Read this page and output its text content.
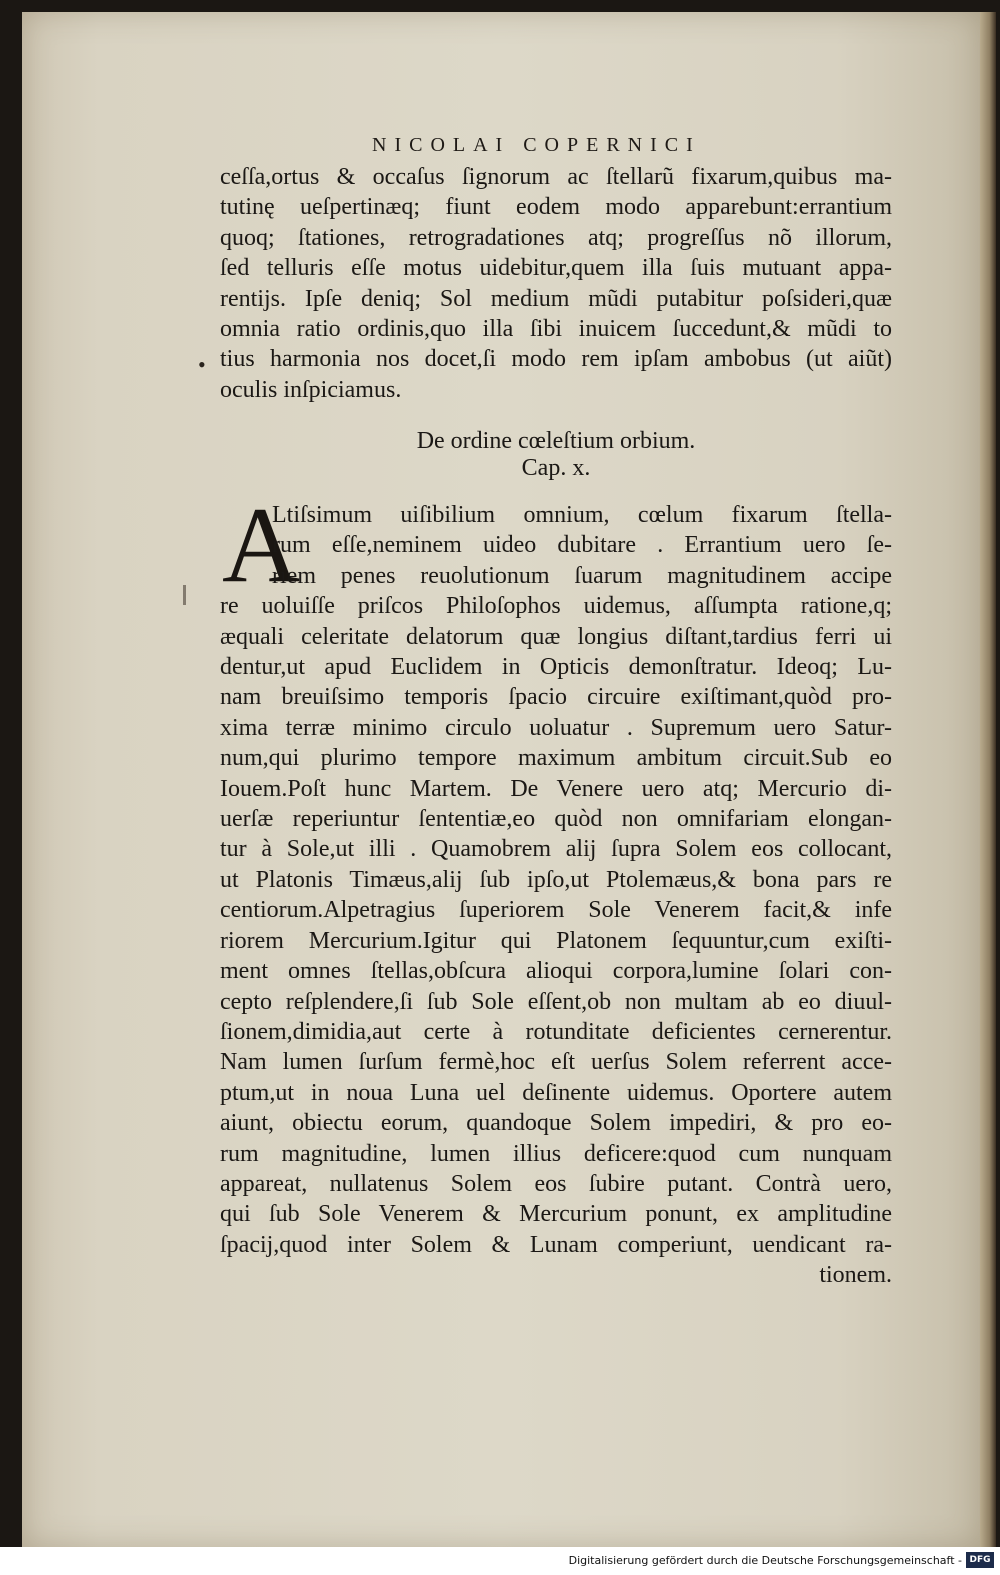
NICOLAI COPERNICI
•
ceſſa,ortus & occaſus ſignorum ac ſtellarũ fixarum,quibus ma-
tutinę ueſpertinæq; fiunt eodem modo apparebunt:errantium
quoq; ſtationes, retrogradationes atq; progreſſus nõ illorum,
ſed telluris eſſe motus uidebitur,quem illa ſuis mutuant appa-
rentijs. Ipſe deniq; Sol medium mũdi putabitur poſsideri,quæ
omnia ratio ordinis,quo illa ſibi inuicem ſuccedunt,& mũdi to
tius harmonia nos docet,ſi modo rem ipſam ambobus (ut aiũt)
oculis inſpiciamus.
De ordine cœleſtium orbium.
Cap. x.
A
Ltiſsimum uiſibilium omnium, cœlum fixarum ſtella-
rum eſſe,neminem uideo dubitare . Errantium uero ſe-
riem penes reuolutionum ſuarum magnitudinem accipe
re uoluiſſe priſcos Philoſophos uidemus, aſſumpta ratione,q;
æquali celeritate delatorum quæ longius diſtant,tardius ferri ui
dentur,ut apud Euclidem in Opticis demonſtratur. Ideoq; Lu-
nam breuiſsimo temporis ſpacio circuire exiſtimant,quòd pro-
xima terræ minimo circulo uoluatur . Supremum uero Satur-
num,qui plurimo tempore maximum ambitum circuit.Sub eo
Iouem.Poſt hunc Martem. De Venere uero atq; Mercurio di-
uerſæ reperiuntur ſententiæ,eo quòd non omnifariam elongan-
tur à Sole,ut illi . Quamobrem alij ſupra Solem eos collocant,
ut Platonis Timæus,alij ſub ipſo,ut Ptolemæus,& bona pars re
centiorum.Alpetragius ſuperiorem Sole Venerem facit,& infe
riorem Mercurium.Igitur qui Platonem ſequuntur,cum exiſti-
ment omnes ſtellas,obſcura alioqui corpora,lumine ſolari con-
cepto reſplendere,ſi ſub Sole eſſent,ob non multam ab eo diuul-
ſionem,dimidia,aut certe à rotunditate deficientes cernerentur.
Nam lumen ſurſum fermè,hoc eſt uerſus Solem referrent acce-
ptum,ut in noua Luna uel deſinente uidemus. Oportere autem
aiunt, obiectu eorum, quandoque Solem impediri, & pro eo-
rum magnitudine, lumen illius deficere:quod cum nunquam
appareat, nullatenus Solem eos ſubire putant. Contrà uero,
qui ſub Sole Venerem & Mercurium ponunt, ex amplitudine
ſpacij,quod inter Solem & Lunam comperiunt, uendicant ra-
tionem.
Digitalisierung gefördert durch die Deutsche Forschungsgemeinschaft - DFG
